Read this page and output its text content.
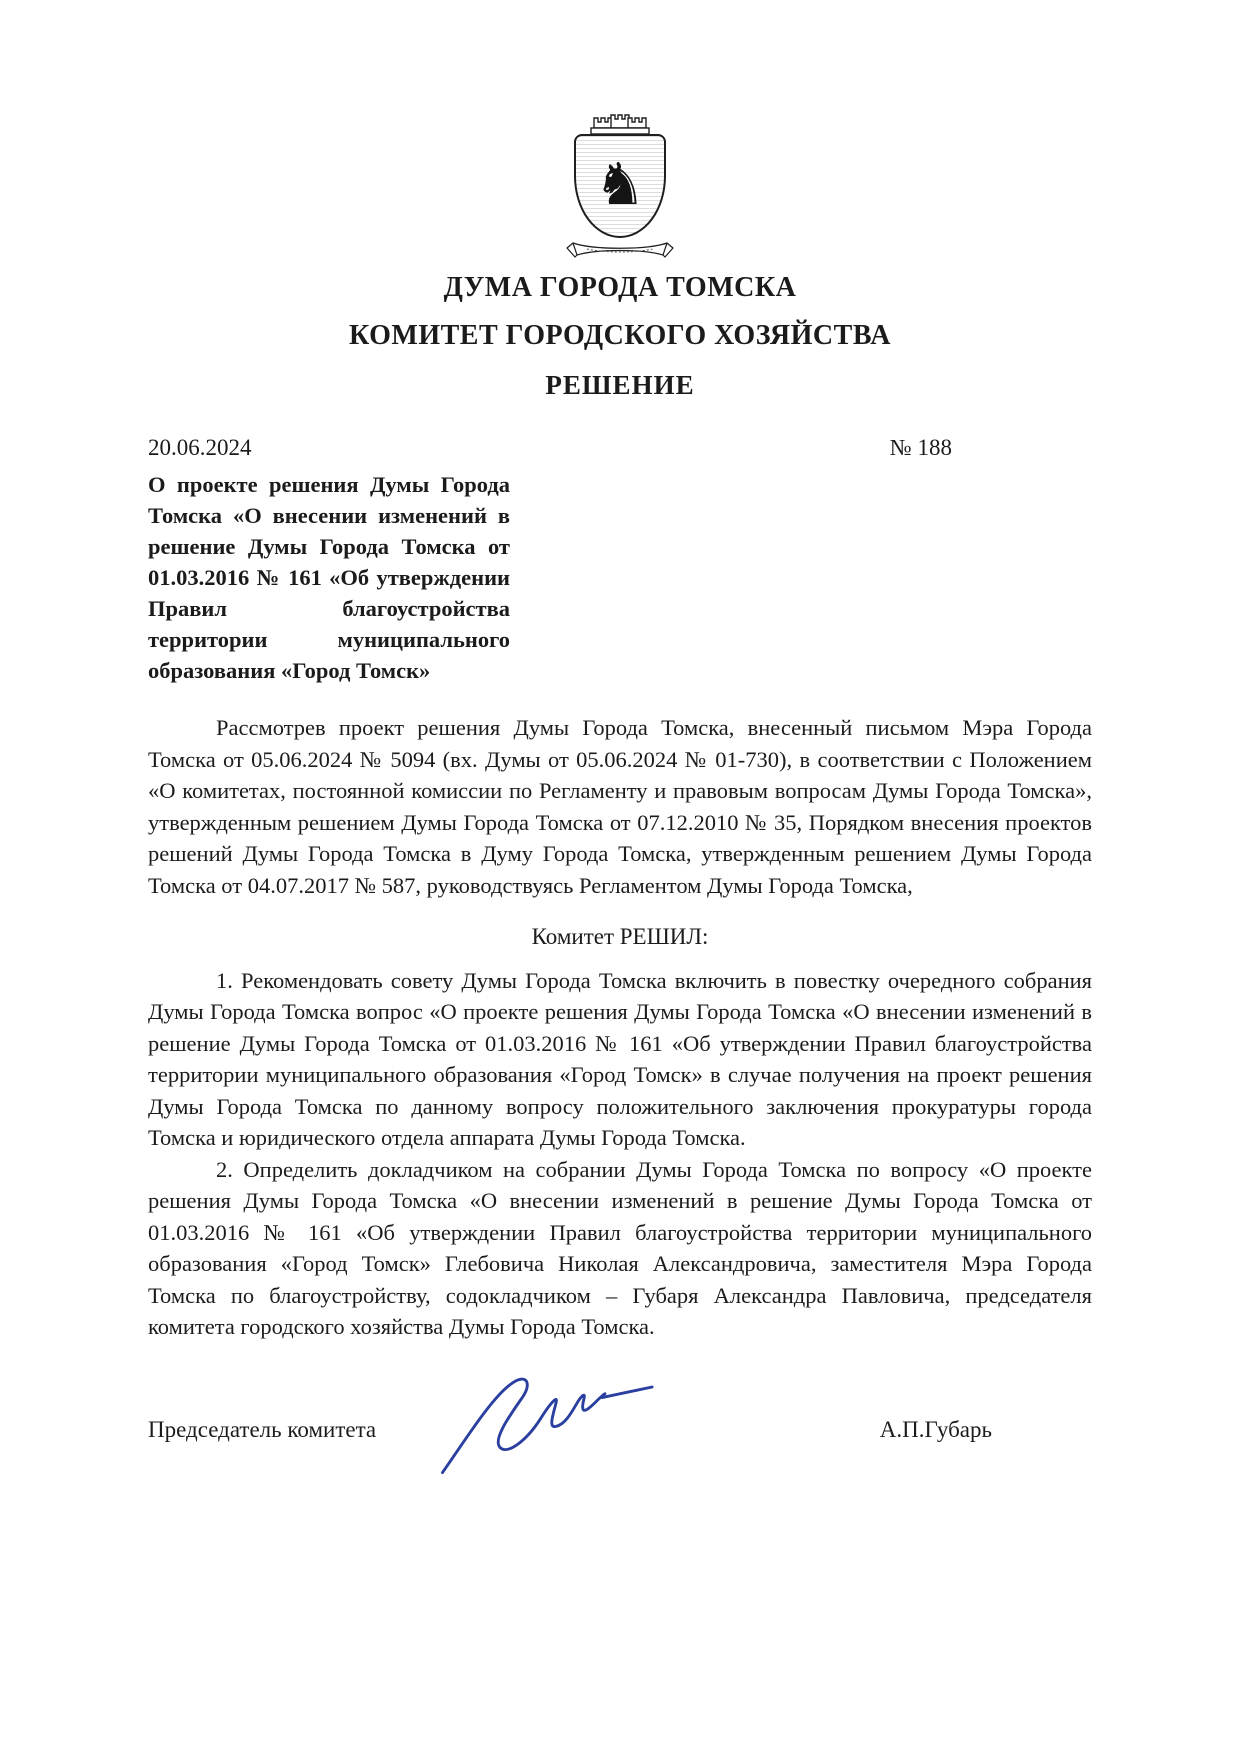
♞
ДУМА ГОРОДА ТОМСКА
КОМИТЕТ ГОРОДСКОГО ХОЗЯЙСТВА
РЕШЕНИЕ
20.06.2024	№ 188
О проекте решения Думы Города Томска «О внесении изменений в решение Думы Города Томска от 01.03.2016 № 161 «Об утверждении Правил благоустройства территории муниципального образования «Город Томск»

Рассмотрев проект решения Думы Города Томска, внесенный письмом Мэра Города Томска от 05.06.2024 № 5094 (вх. Думы от 05.06.2024 № 01-730), в соответствии с Положением «О комитетах, постоянной комиссии по Регламенту и правовым вопросам Думы Города Томска», утвержденным решением Думы Города Томска от 07.12.2010 № 35, Порядком внесения проектов решений Думы Города Томска в Думу Города Томска, утвержденным решением Думы Города Томска от 04.07.2017 № 587, руководствуясь Регламентом Думы Города Томска,

Комитет РЕШИЛ:

1. Рекомендовать совету Думы Города Томска включить в повестку очередного собрания Думы Города Томска вопрос «О проекте решения Думы Города Томска «О внесении изменений в решение Думы Города Томска от 01.03.2016 № 161 «Об утверждении Правил благоустройства территории муниципального образования «Город Томск» в случае получения на проект решения Думы Города Томска по данному вопросу положительного заключения прокуратуры города Томска и юридического отдела аппарата Думы Города Томска.

2. Определить докладчиком на собрании Думы Города Томска по вопросу «О проекте решения Думы Города Томска «О внесении изменений в решение Думы Города Томска от 01.03.2016 № 161 «Об утверждении Правил благоустройства территории муниципального образования «Город Томск» Глебовича Николая Александровича, заместителя Мэра Города Томска по благоустройству, содокладчиком – Губаря Александра Павловича, председателя комитета городского хозяйства Думы Города Томска.

Председатель комитета	А.П.Губарь
